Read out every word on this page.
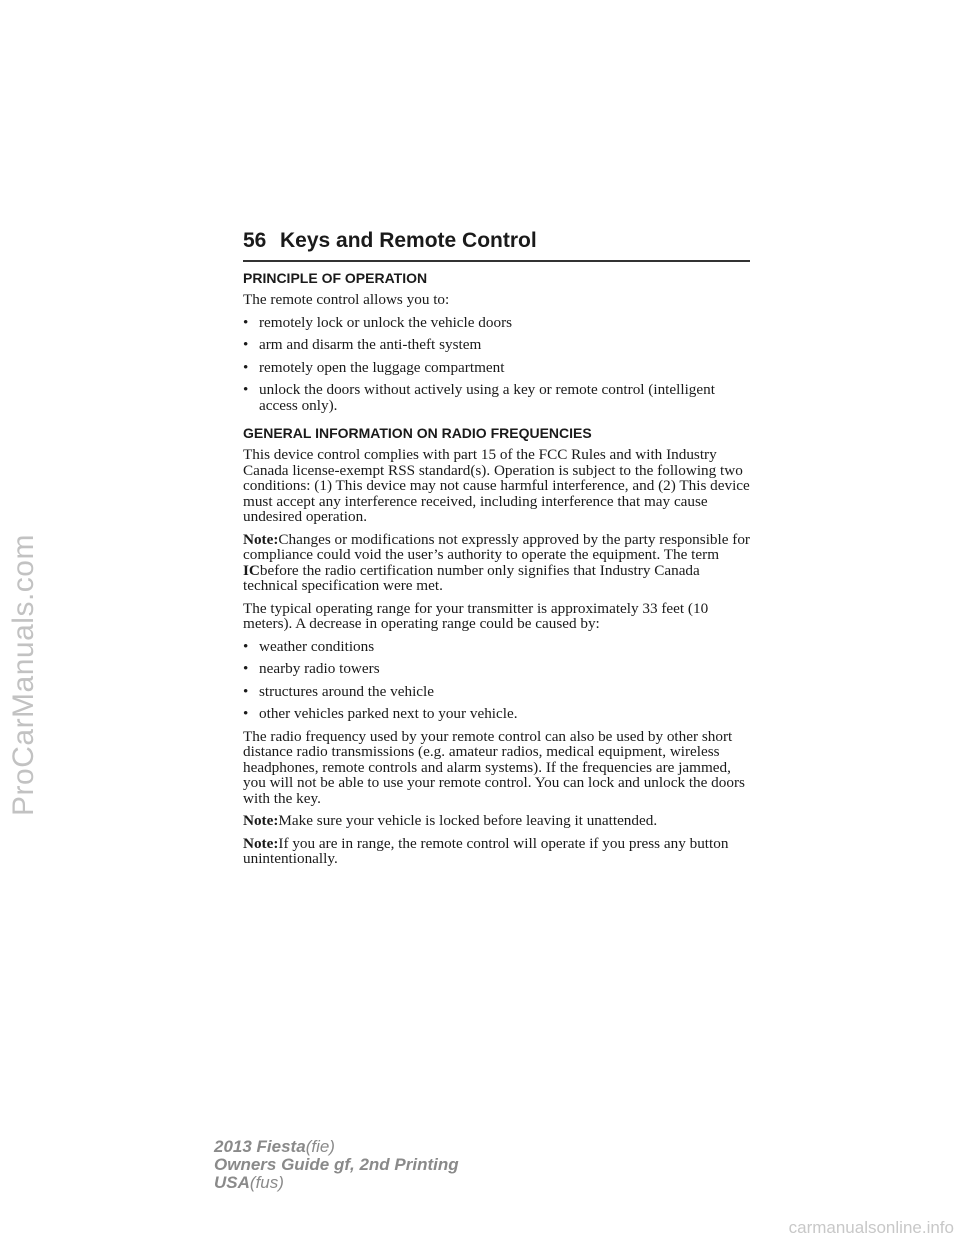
ProCarManuals.com
56 Keys and Remote Control
PRINCIPLE OF OPERATION

The remote control allows you to:

• remotely lock or unlock the vehicle doors
• arm and disarm the anti-theft system
• remotely open the luggage compartment
• unlock the doors without actively using a key or remote control (intelligent access only).
GENERAL INFORMATION ON RADIO FREQUENCIES

This device control complies with part 15 of the FCC Rules and with Industry Canada license-exempt RSS standard(s). Operation is subject to the following two conditions: (1) This device may not cause harmful interference, and (2) This device must accept any interference received, including interference that may cause undesired operation.

Note:Changes or modifications not expressly approved by the party responsible for compliance could void the user’s authority to operate the equipment. The term ICbefore the radio certification number only signifies that Industry Canada technical specification were met.

The typical operating range for your transmitter is approximately 33 feet (10 meters). A decrease in operating range could be caused by:

• weather conditions
• nearby radio towers
• structures around the vehicle
• other vehicles parked next to your vehicle.

The radio frequency used by your remote control can also be used by other short distance radio transmissions (e.g. amateur radios, medical equipment, wireless headphones, remote controls and alarm systems). If the frequencies are jammed, you will not be able to use your remote control. You can lock and unlock the doors with the key.

Note:Make sure your vehicle is locked before leaving it unattended.

Note:If you are in range, the remote control will operate if you press any button unintentionally.

2013 Fiesta(fie)
Owners Guide gf, 2nd Printing
USA(fus)
carmanualsonline.info
